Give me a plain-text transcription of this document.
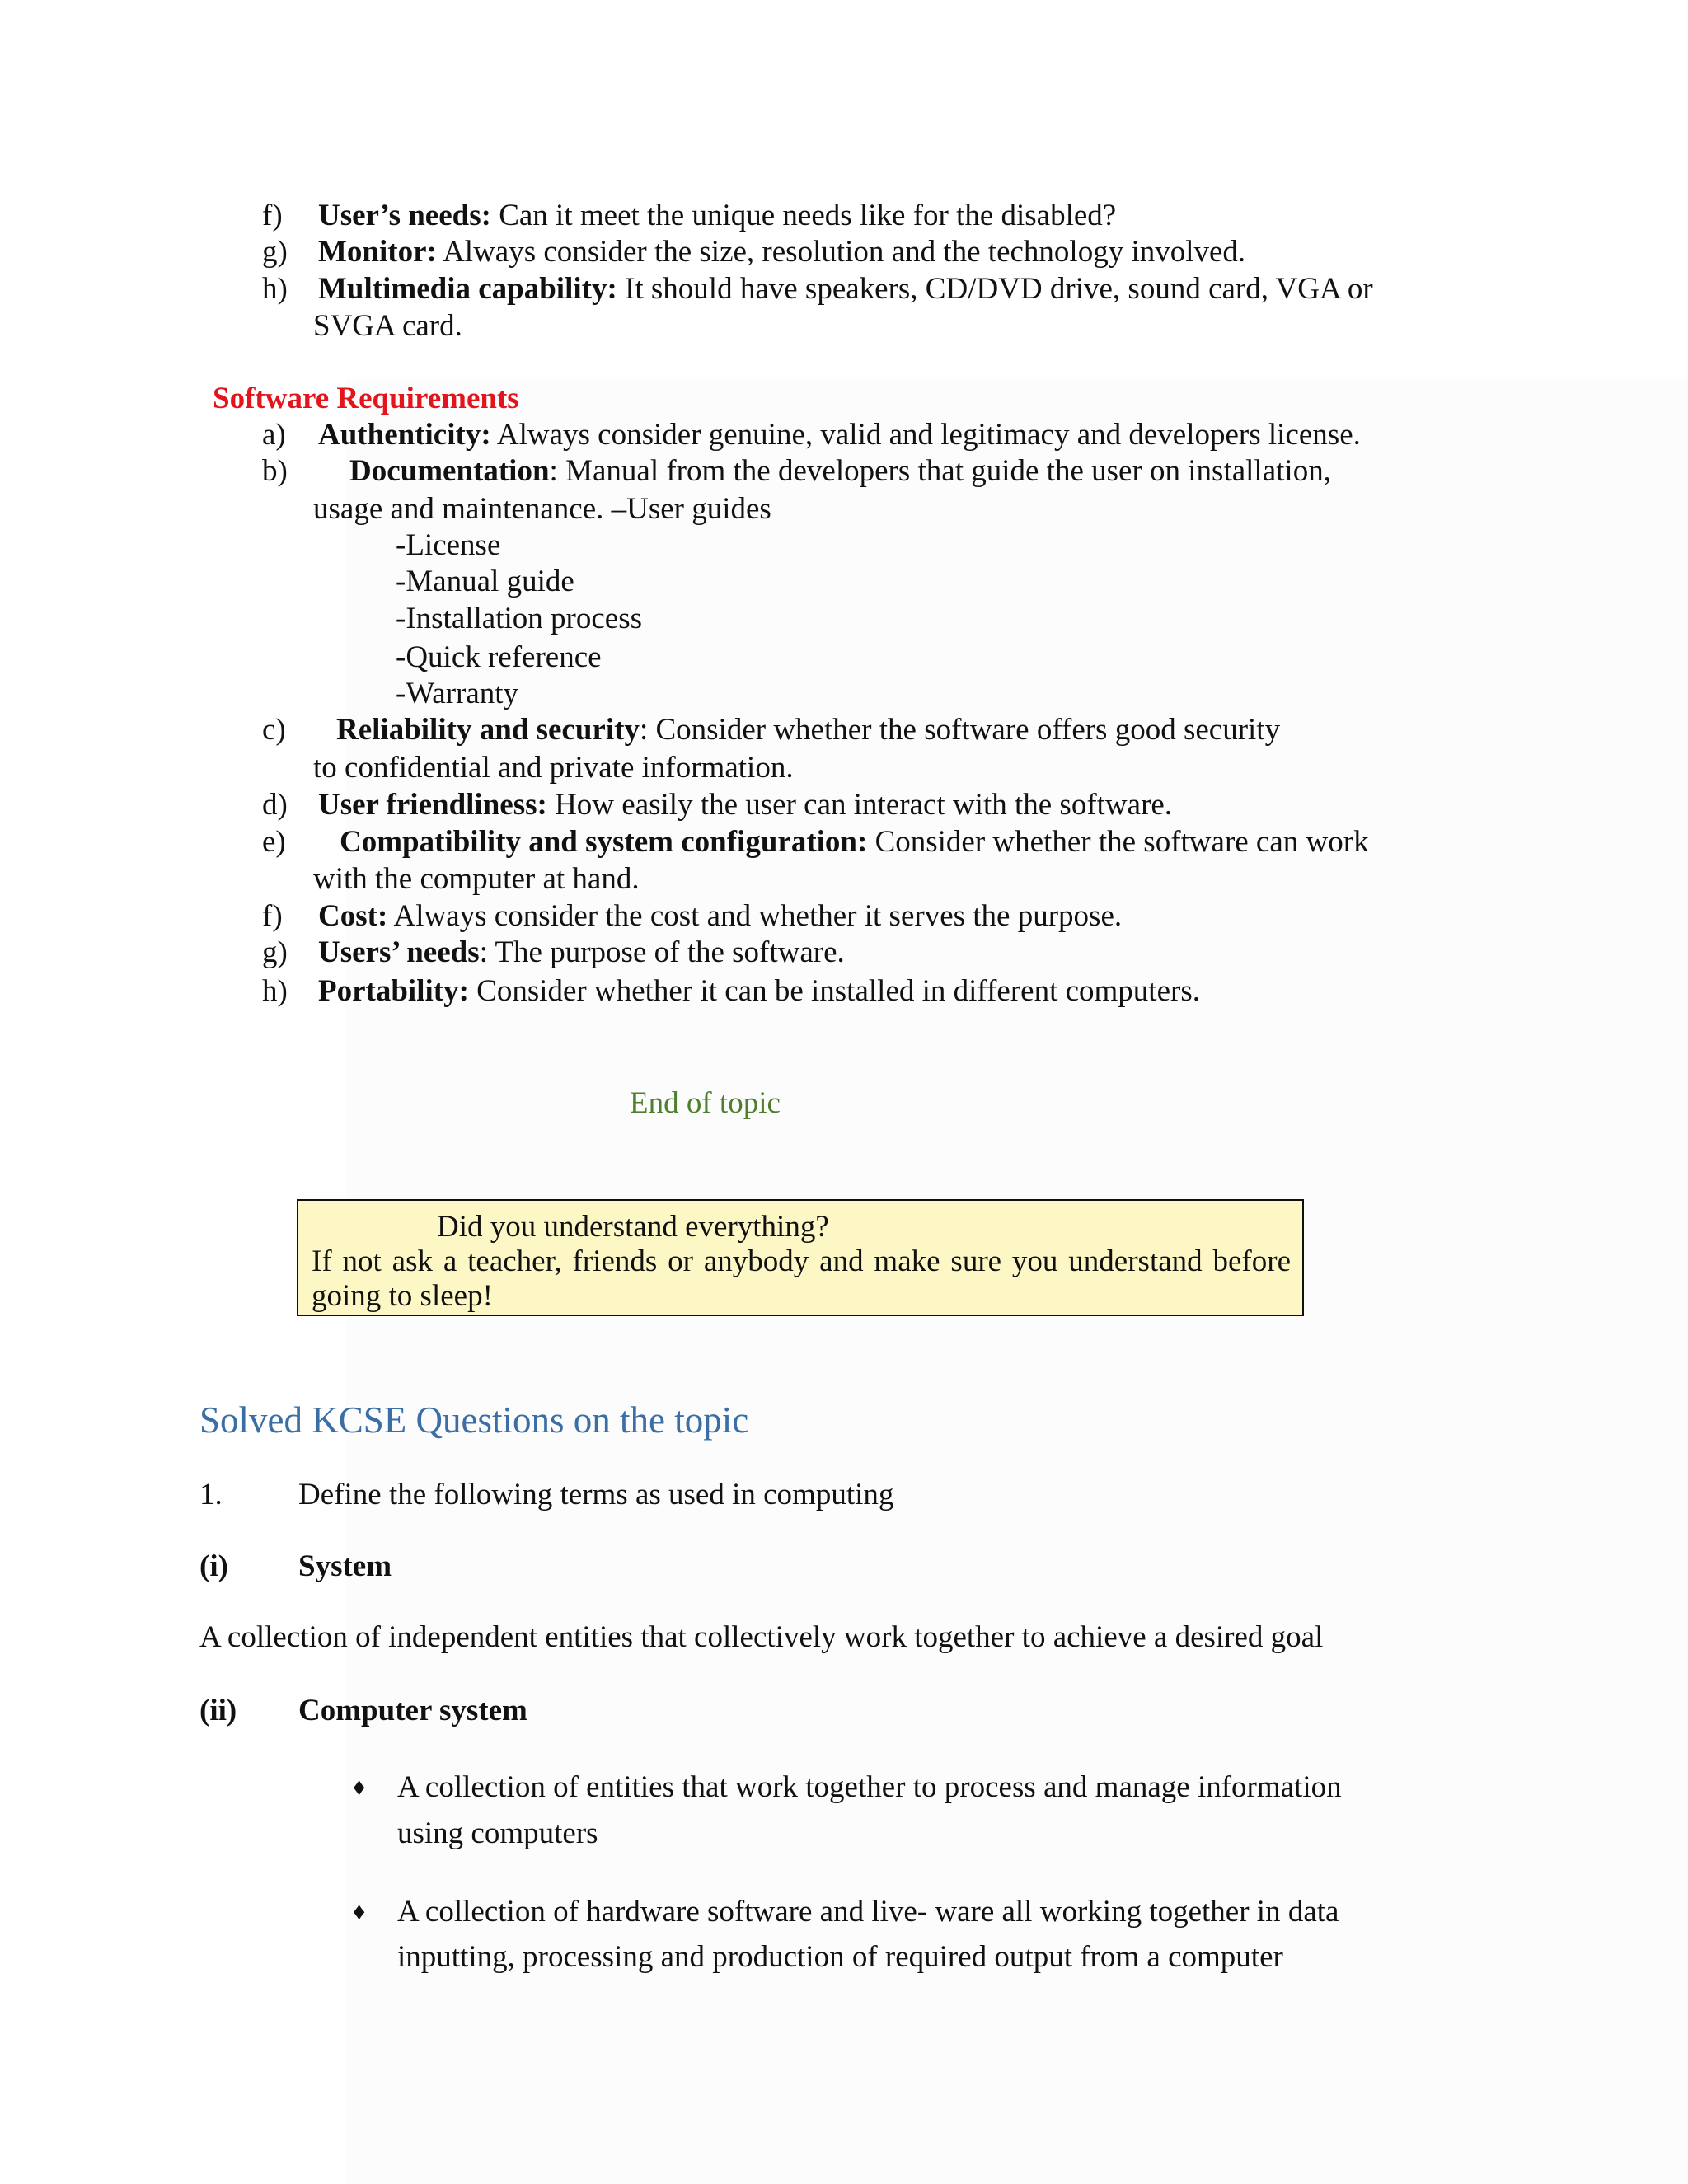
f) User’s needs: Can it meet the unique needs like for the disabled?
g) Monitor: Always consider the size, resolution and the technology involved.
h) Multimedia capability: It should have speakers, CD/DVD drive, sound card, VGA or
SVGA card.
Software Requirements
a) Authenticity: Always consider genuine, valid and legitimacy and developers license.
b) Documentation: Manual from the developers that guide the user on installation,
usage and maintenance. –User guides
-License
-Manual guide
-Installation process
-Quick reference
-Warranty
c) Reliability and security: Consider whether the software offers good security
to confidential and private information.
d) User friendliness: How easily the user can interact with the software.
e) Compatibility and system configuration: Consider whether the software can work
with the computer at hand.
f) Cost: Always consider the cost and whether it serves the purpose.
g) Users’ needs: The purpose of the software.
h) Portability: Consider whether it can be installed in different computers.
End of topic
Did you understand everything?
If not ask a teacher, friends or anybody and make sure you understand before
going to sleep!
Solved KCSE Questions on the topic
1. Define the following terms as used in computing
(i) System
A collection of independent entities that collectively work together to achieve a desired goal
(ii) Computer system
♦ A collection of entities that work together to process and manage information
using computers
♦ A collection of hardware software and live- ware all working together in data
inputting, processing and production of required output from a computer
